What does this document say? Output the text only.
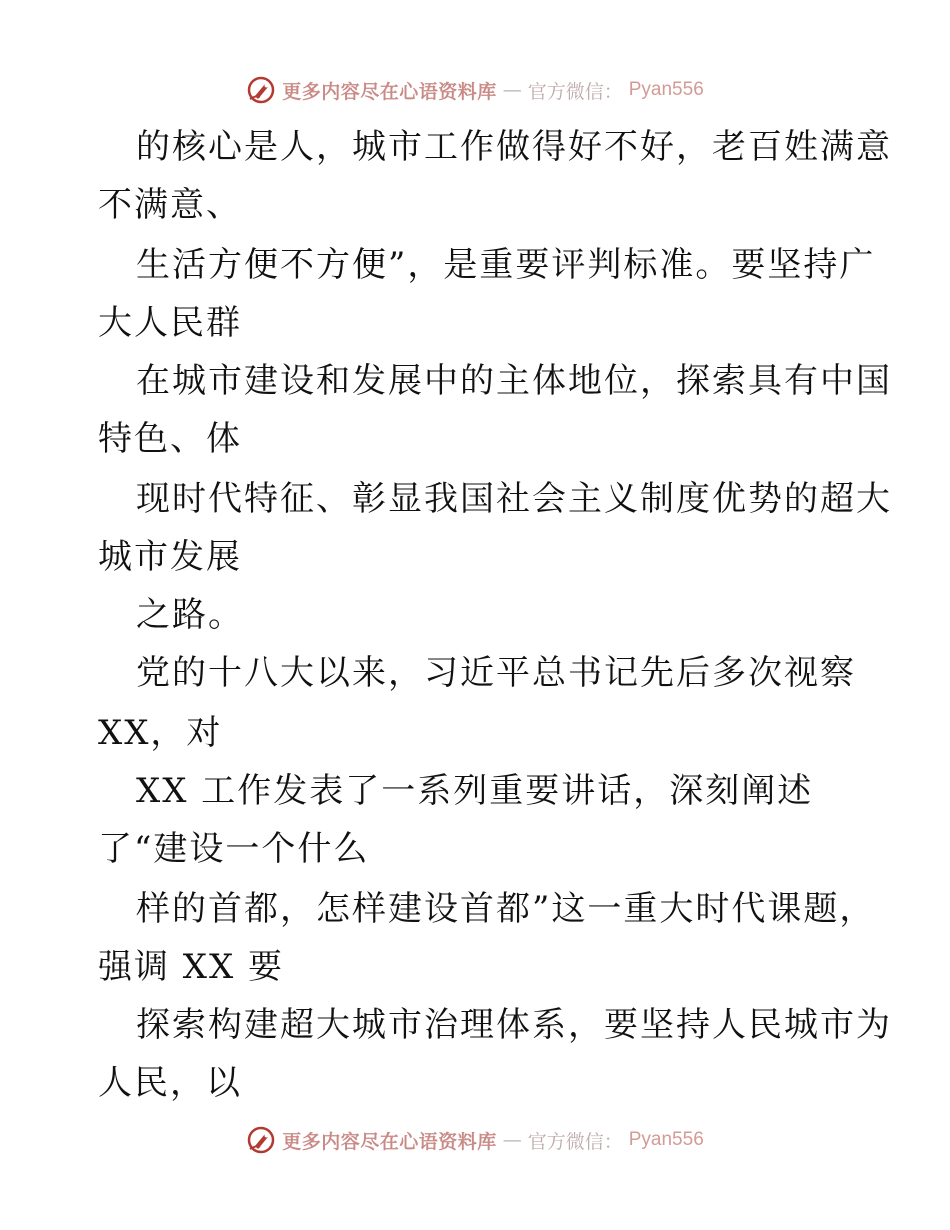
更多内容尽在心语资料库 — 官方微信： Pyan556
的核心是人，城市工作做得好不好，老百姓满意
不满意、
生活方便不方便”，是重要评判标准。要坚持广
大人民群
在城市建设和发展中的主体地位，探索具有中国
特色、体
现时代特征、彰显我国社会主义制度优势的超大
城市发展
之路。
党的十八大以来，习近平总书记先后多次视察
XX，对
XX 工作发表了一系列重要讲话，深刻阐述
了“建设一个什么
样的首都，怎样建设首都”这一重大时代课题，
强调 XX 要
探索构建超大城市治理体系，要坚持人民城市为
人民，以
更多内容尽在心语资料库 — 官方微信： Pyan556
